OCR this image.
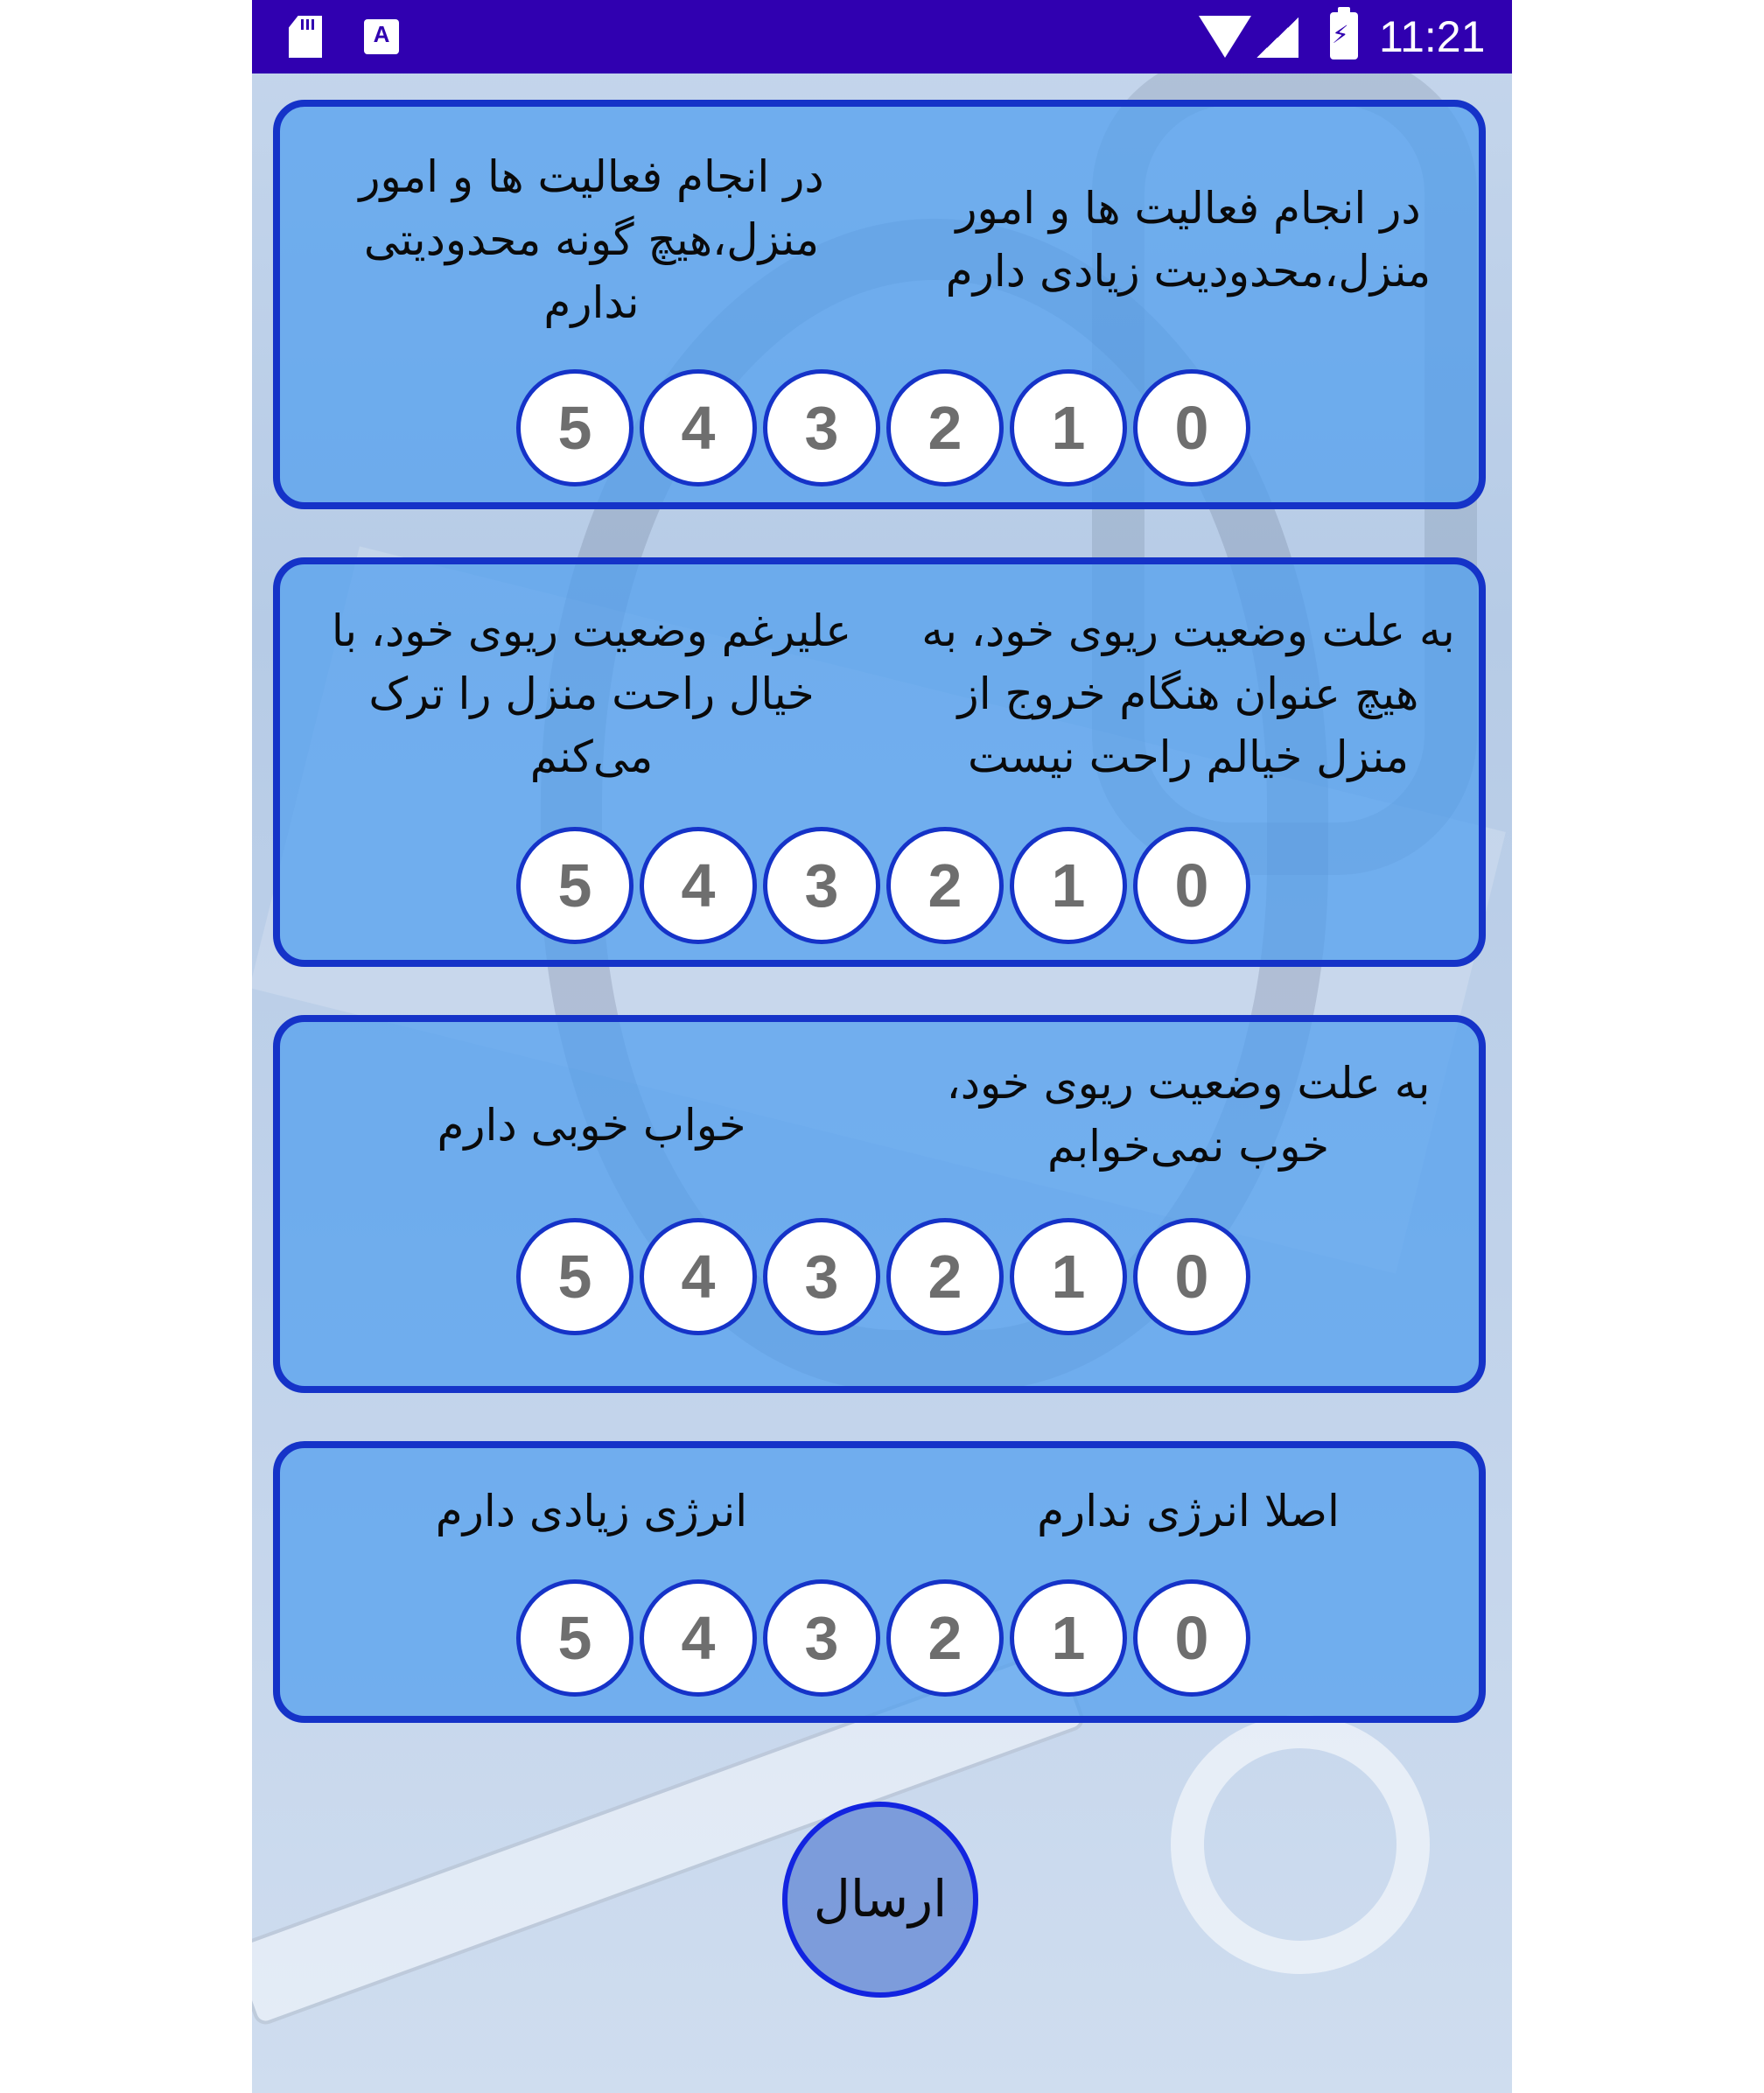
A
⚡	11:21
در انجام فعالیت ها و امور منزل،هیچ گونه محدودیتی ندارم
در انجام فعالیت ها و امور منزل،محدودیت زیادی دارم
5	4	3	2	1	0
علیرغم وضعیت ریوی خود، با خیال راحت منزل را ترک می‌کنم
به علت وضعیت ریوی خود، به هیچ عنوان هنگام خروج از منزل خیالم راحت نیست
5	4	3	2	1	0
خواب خوبی دارم
به علت وضعیت ریوی خود، خوب نمی‌خوابم
5	4	3	2	1	0
انرژی زیادی دارم	اصلا انرژی ندارم
5	4	3	2	1	0
ارسال
